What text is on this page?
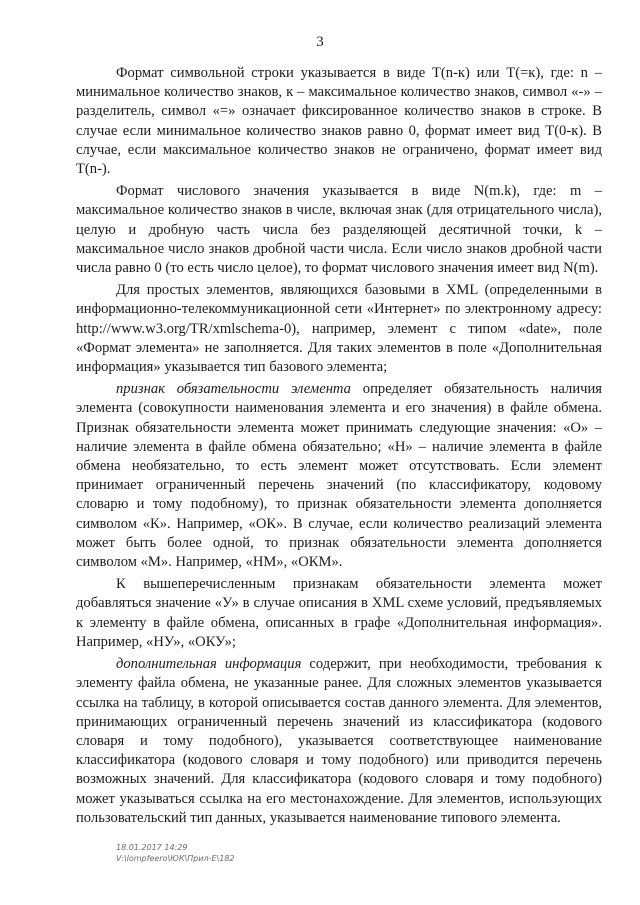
3

Формат символьной строки указывается в виде T(n-к) или T(=к), где: n – минимальное количество знаков, к – максимальное количество знаков, символ «-» – разделитель, символ «=» означает фиксированное количество знаков в строке. В случае если минимальное количество знаков равно 0, формат имеет вид T(0-к). В случае, если максимальное количество знаков не ограничено, формат имеет вид T(n-).

Формат числового значения указывается в виде N(m.k), где: m – максимальное количество знаков в числе, включая знак (для отрицательного числа), целую и дробную часть числа без разделяющей десятичной точки, k – максимальное число знаков дробной части числа. Если число знаков дробной части числа равно 0 (то есть число целое), то формат числового значения имеет вид N(m).

Для простых элементов, являющихся базовыми в XML (определенными в информационно-телекоммуникационной сети «Интернет» по электронному адресу: http://www.w3.org/TR/xmlschema-0), например, элемент с типом «date», поле «Формат элемента» не заполняется. Для таких элементов в поле «Дополнительная информация» указывается тип базового элемента;

признак обязательности элемента определяет обязательность наличия элемента (совокупности наименования элемента и его значения) в файле обмена. Признак обязательности элемента может принимать следующие значения: «О» – наличие элемента в файле обмена обязательно; «Н» – наличие элемента в файле обмена необязательно, то есть элемент может отсутствовать. Если элемент принимает ограниченный перечень значений (по классификатору, кодовому словарю и тому подобному), то признак обязательности элемента дополняется символом «К». Например, «ОК». В случае, если количество реализаций элемента может быть более одной, то признак обязательности элемента дополняется символом «М». Например, «НМ», «ОКМ».

К вышеперечисленным признакам обязательности элемента может добавляться значение «У» в случае описания в XML схеме условий, предъявляемых к элементу в файле обмена, описанных в графе «Дополнительная информация». Например, «НУ», «ОКУ»;

дополнительная информация содержит, при необходимости, требования к элементу файла обмена, не указанные ранее. Для сложных элементов указывается ссылка на таблицу, в которой описывается состав данного элемента. Для элементов, принимающих ограниченный перечень значений из классификатора (кодового словаря и тому подобного), указывается соответствующее наименование классификатора (кодового словаря и тому подобного) или приводится перечень возможных значений. Для классификатора (кодового словаря и тому подобного) может указываться ссылка на его местонахождение. Для элементов, использующих пользовательский тип данных, указывается наименование типового элемента.

18.01.2017 14:29
V:\lompfeero\ЮК\Прил-Е\182
